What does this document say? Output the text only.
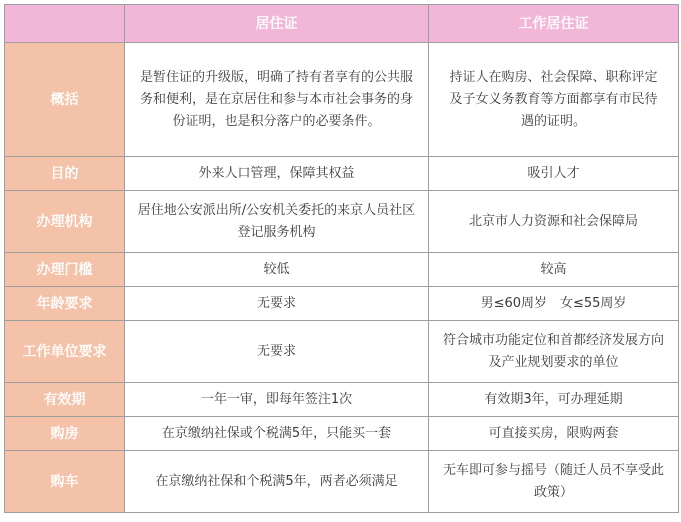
	居住证	工作居住证
概括	是暂住证的升级版，明确了持有者享有的公共服务和便利，是在京居住和参与本市社会事务的身份证明，也是积分落户的必要条件。	持证人在购房、社会保障、职称评定及子女义务教育等方面都享有市民待遇的证明。
目的	外来人口管理，保障其权益	吸引人才
办理机构	居住地公安派出所/公安机关委托的来京人员社区登记服务机构	北京市人力资源和社会保障局
办理门槛	较低	较高
年龄要求	无要求	男≤60周岁　女≤55周岁
工作单位要求	无要求	符合城市功能定位和首都经济发展方向及产业规划要求的单位
有效期	一年一审，即每年签注1次	有效期3年，可办理延期
购房	在京缴纳社保或个税满5年，只能买一套	可直接买房，限购两套
购车	在京缴纳社保和个税满5年，两者必须满足	无车即可参与摇号（随迁人员不享受此政策）
